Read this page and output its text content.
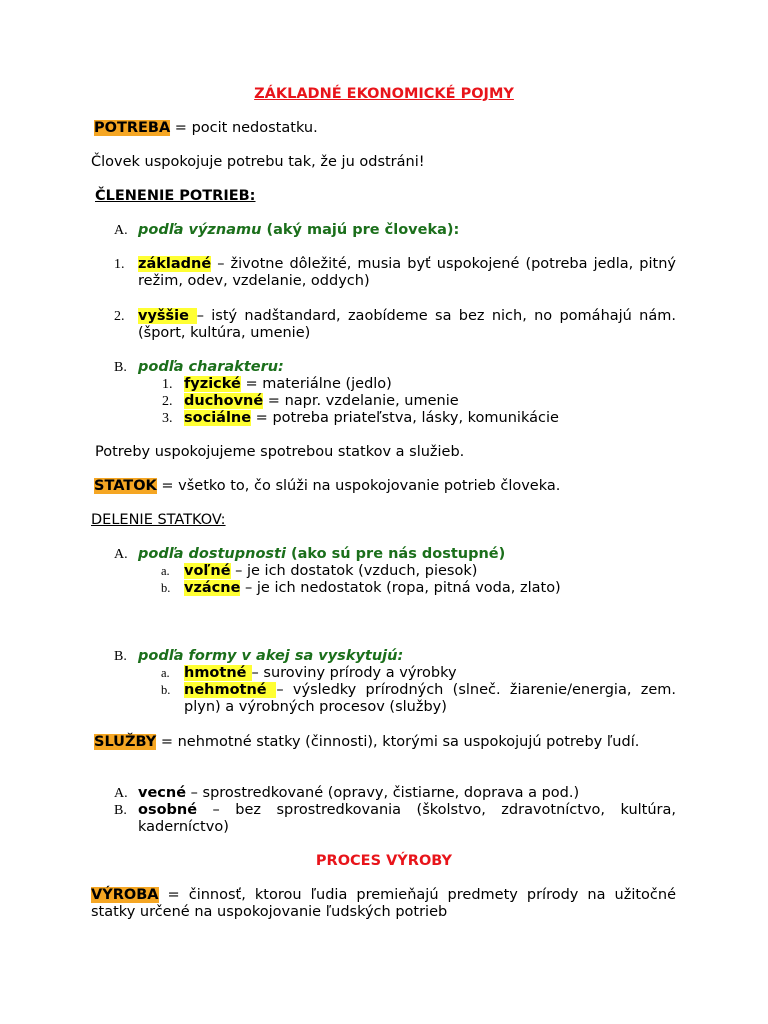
ZÁKLADNÉ EKONOMICKÉ POJMY
POTREBA = pocit nedostatku.
Človek uspokojuje potrebu tak, že ju odstráni!
ČLENENIE POTRIEB:
A. podľa významu (aký majú pre človeka):
1. základné – životne dôležité, musia byť uspokojené (potreba jedla, pitný režim, odev, vzdelanie, oddych)
2. vyššie – istý nadštandard, zaobídeme sa bez nich, no pomáhajú nám. (šport, kultúra, umenie)
B. podľa charakteru:
1. fyzické = materiálne (jedlo)
2. duchovné = napr. vzdelanie, umenie
3. sociálne = potreba priateľstva, lásky, komunikácie
Potreby uspokojujeme spotrebou statkov a služieb.
STATOK = všetko to, čo slúži na uspokojovanie potrieb človeka.
DELENIE STATKOV:
A. podľa dostupnosti (ako sú pre nás dostupné)
a. voľné – je ich dostatok (vzduch, piesok)
b. vzácne – je ich nedostatok (ropa, pitná voda, zlato)
B. podľa formy v akej sa vyskytujú:
a. hmotné – suroviny prírody a výrobky
b. nehmotné – výsledky prírodných (slneč. žiarenie/energia, zem. plyn) a výrobných procesov (služby)
SLUŽBY = nehmotné statky (činnosti), ktorými sa uspokojujú potreby ľudí.
A. vecné – sprostredkované (opravy, čistiarne, doprava a pod.)
B. osobné – bez sprostredkovania (školstvo, zdravotníctvo, kultúra, kaderníctvo)
PROCES VÝROBY
VÝROBA = činnosť, ktorou ľudia premieňajú predmety prírody na užitočné statky určené na uspokojovanie ľudských potrieb
